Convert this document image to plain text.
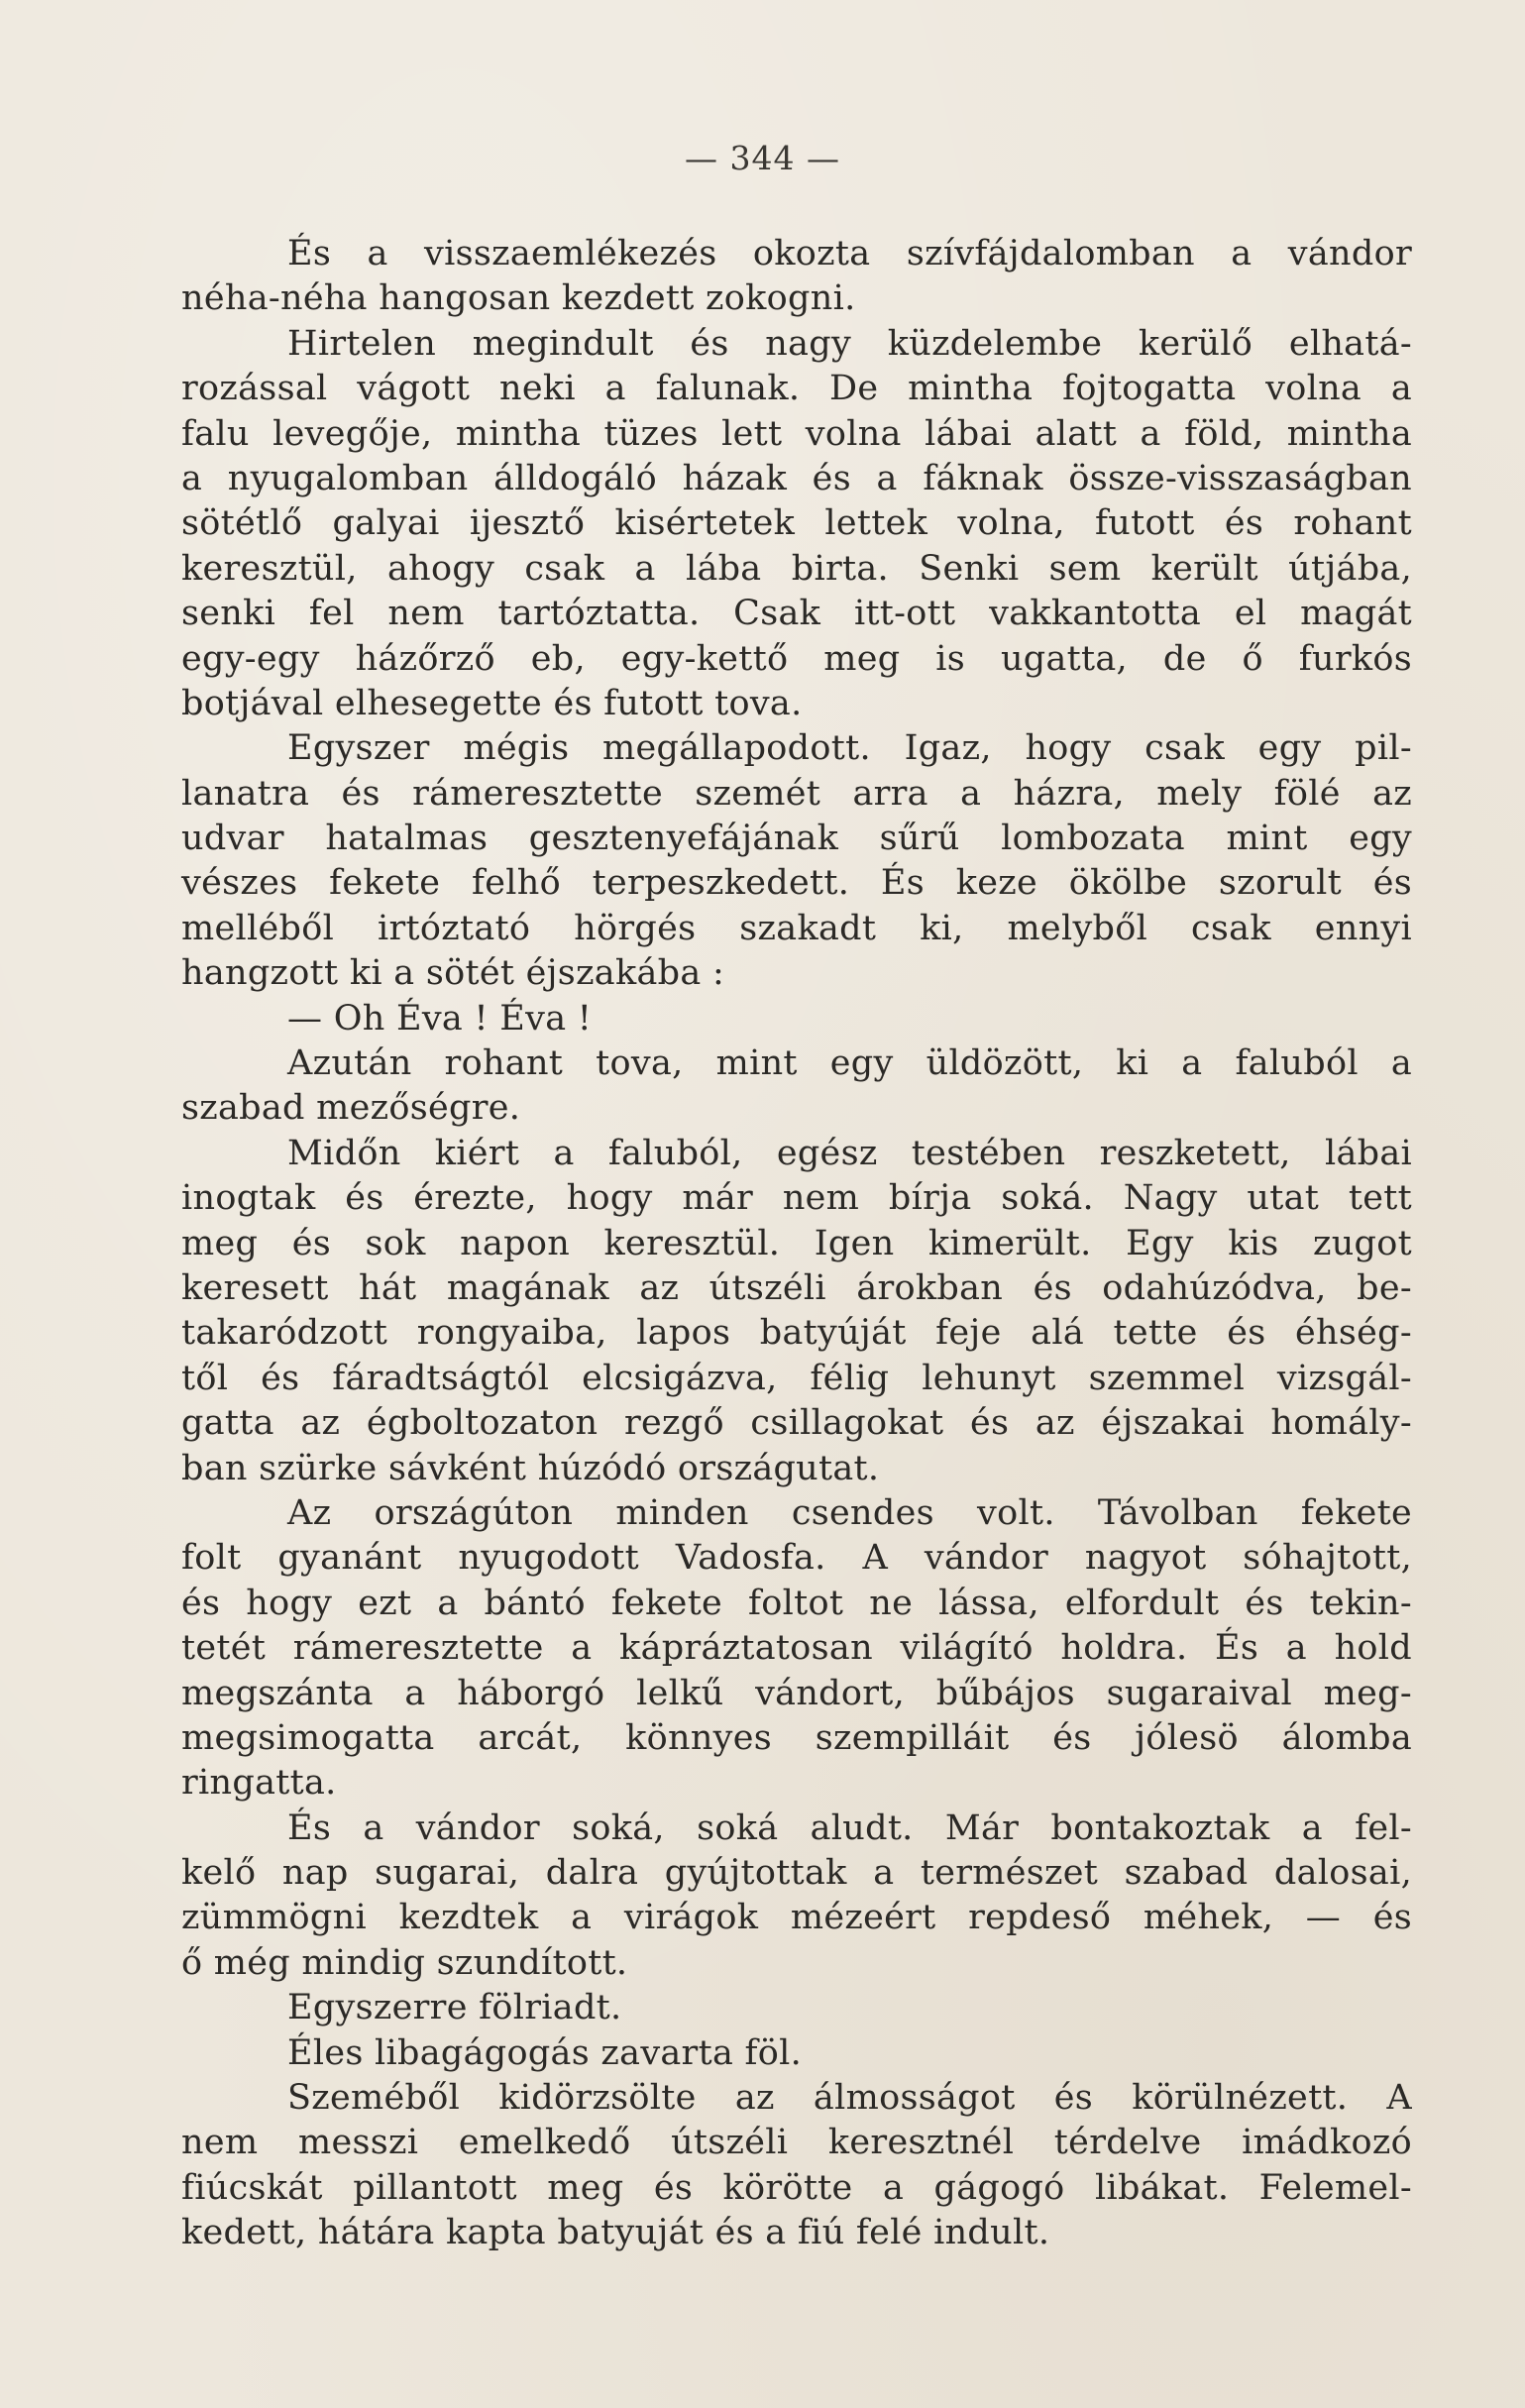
— 344 —
És a visszaemlékezés okozta szívfájdalomban a vándor
néha-néha hangosan kezdett zokogni.
Hirtelen megindult és nagy küzdelembe kerülő elhatá-
rozással vágott neki a falunak. De mintha fojtogatta volna a
falu levegője, mintha tüzes lett volna lábai alatt a föld, mintha
a nyugalomban álldogáló házak és a fáknak össze-visszaságban
sötétlő galyai ijesztő kisértetek lettek volna, futott és rohant
keresztül, ahogy csak a lába birta. Senki sem került útjába,
senki fel nem tartóztatta. Csak itt-ott vakkantotta el magát
egy-egy házőrző eb, egy-kettő meg is ugatta, de ő furkós
botjával elhesegette és futott tova.
Egyszer mégis megállapodott. Igaz, hogy csak egy pil-
lanatra és rámeresztette szemét arra a házra, mely fölé az
udvar hatalmas gesztenyefájának sűrű lombozata mint egy
vészes fekete felhő terpeszkedett. És keze ökölbe szorult és
melléből irtóztató hörgés szakadt ki, melyből csak ennyi
hangzott ki a sötét éjszakába :
— Oh Éva ! Éva !
Azután rohant tova, mint egy üldözött, ki a faluból a
szabad mezőségre.
Midőn kiért a faluból, egész testében reszketett, lábai
inogtak és érezte, hogy már nem bírja soká. Nagy utat tett
meg és sok napon keresztül. Igen kimerült. Egy kis zugot
keresett hát magának az útszéli árokban és odahúzódva, be-
takaródzott rongyaiba, lapos batyúját feje alá tette és éhség-
től és fáradtságtól elcsigázva, félig lehunyt szemmel vizsgál-
gatta az égboltozaton rezgő csillagokat és az éjszakai homály-
ban szürke sávként húzódó országutat.
Az országúton minden csendes volt. Távolban fekete
folt gyanánt nyugodott Vadosfa. A vándor nagyot sóhajtott,
és hogy ezt a bántó fekete foltot ne lássa, elfordult és tekin-
tetét rámeresztette a kápráztatosan világító holdra. És a hold
megszánta a háborgó lelkű vándort, bűbájos sugaraival meg-
megsimogatta arcát, könnyes szempilláit és jólesö álomba
ringatta.
És a vándor soká, soká aludt. Már bontakoztak a fel-
kelő nap sugarai, dalra gyújtottak a természet szabad dalosai,
zümmögni kezdtek a virágok mézeért repdeső méhek, — és
ő még mindig szundított.
Egyszerre fölriadt.
Éles libagágogás zavarta föl.
Szeméből kidörzsölte az álmosságot és körülnézett. A
nem messzi emelkedő útszéli keresztnél térdelve imádkozó
fiúcskát pillantott meg és körötte a gágogó libákat. Felemel-
kedett, hátára kapta batyuját és a fiú felé indult.
